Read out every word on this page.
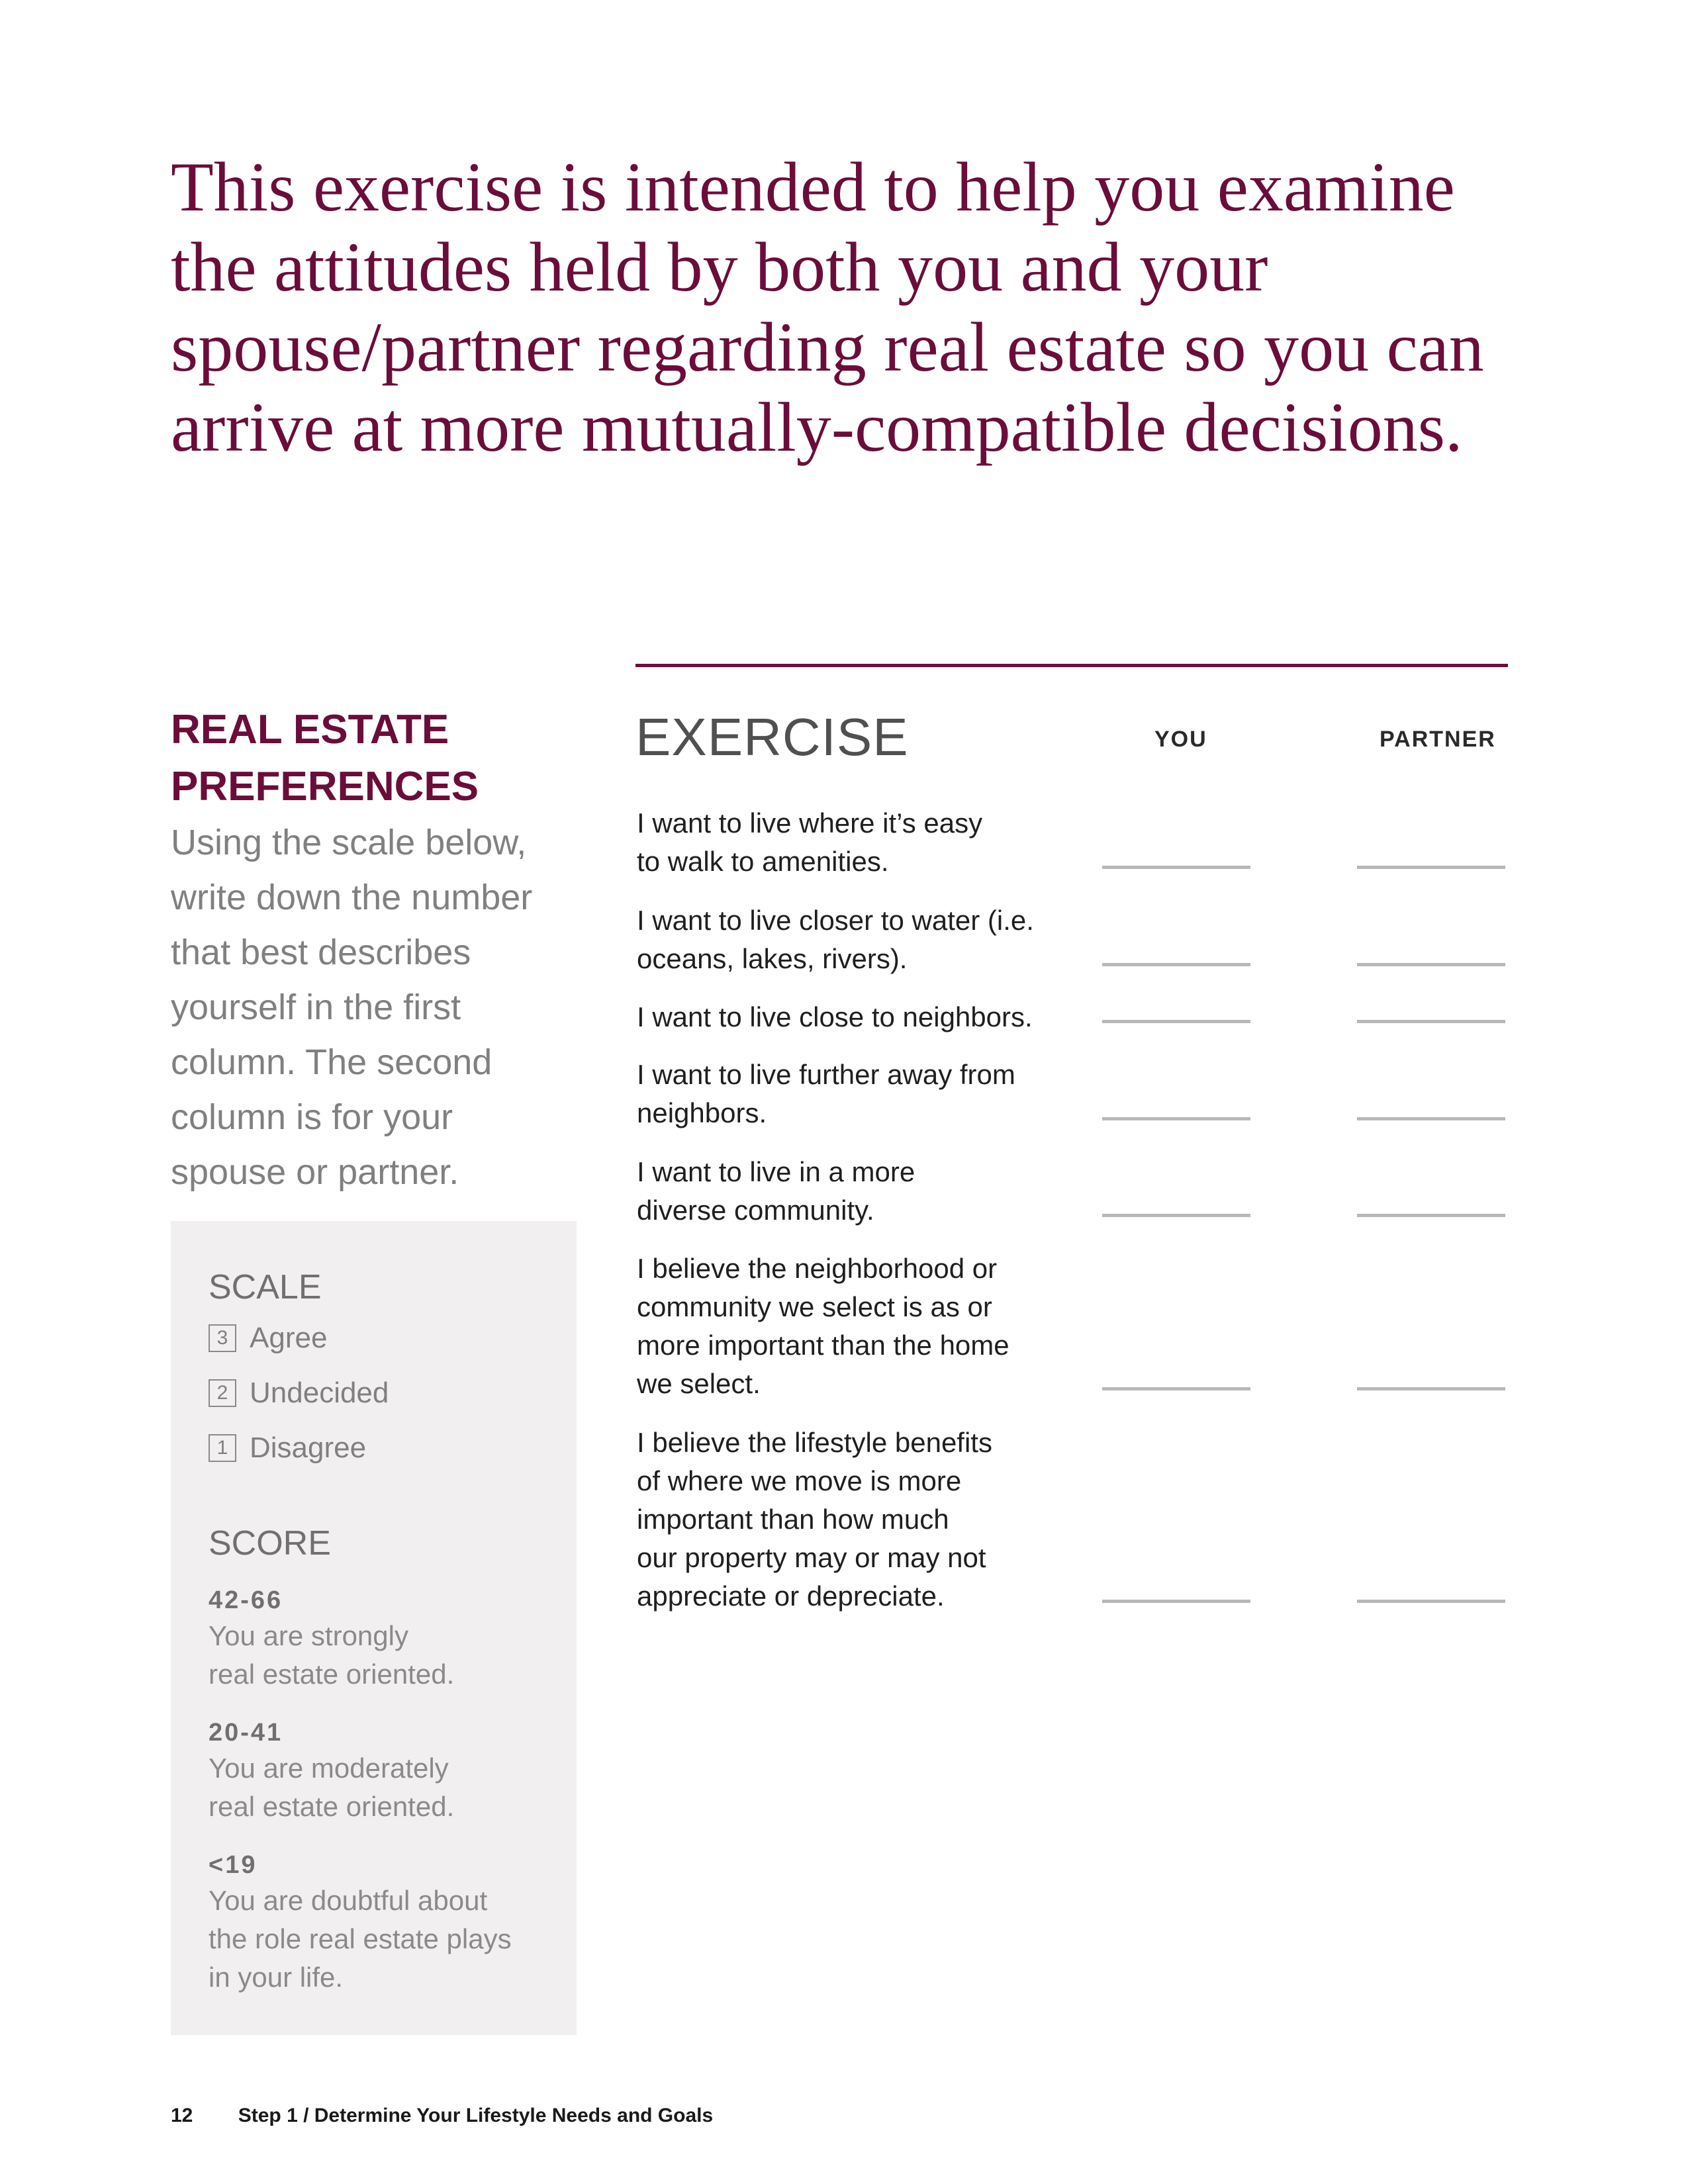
This exercise is intended to help you examine
the attitudes held by both you and your
spouse/partner regarding real estate so you can
arrive at more mutually-compatible decisions.
REAL ESTATE
PREFERENCES
Using the scale below,
write down the number
that best describes
yourself in the first
column. The second
column is for your
spouse or partner.
SCALE
3 Agree
2 Undecided
1 Disagree
SCORE
42-66
You are strongly
real estate oriented.
20-41
You are moderately
real estate oriented.
<19
You are doubtful about
the role real estate plays
in your life.
EXERCISE	YOU	PARTNER
I want to live where it’s easy
to walk to amenities.
I want to live closer to water (i.e.
oceans, lakes, rivers).
I want to live close to neighbors.
I want to live further away from
neighbors.
I want to live in a more
diverse community.
I believe the neighborhood or
community we select is as or
more important than the home
we select.
I believe the lifestyle benefits
of where we move is more
important than how much
our property may or may not
appreciate or depreciate.
12 Step 1 / Determine Your Lifestyle Needs and Goals
